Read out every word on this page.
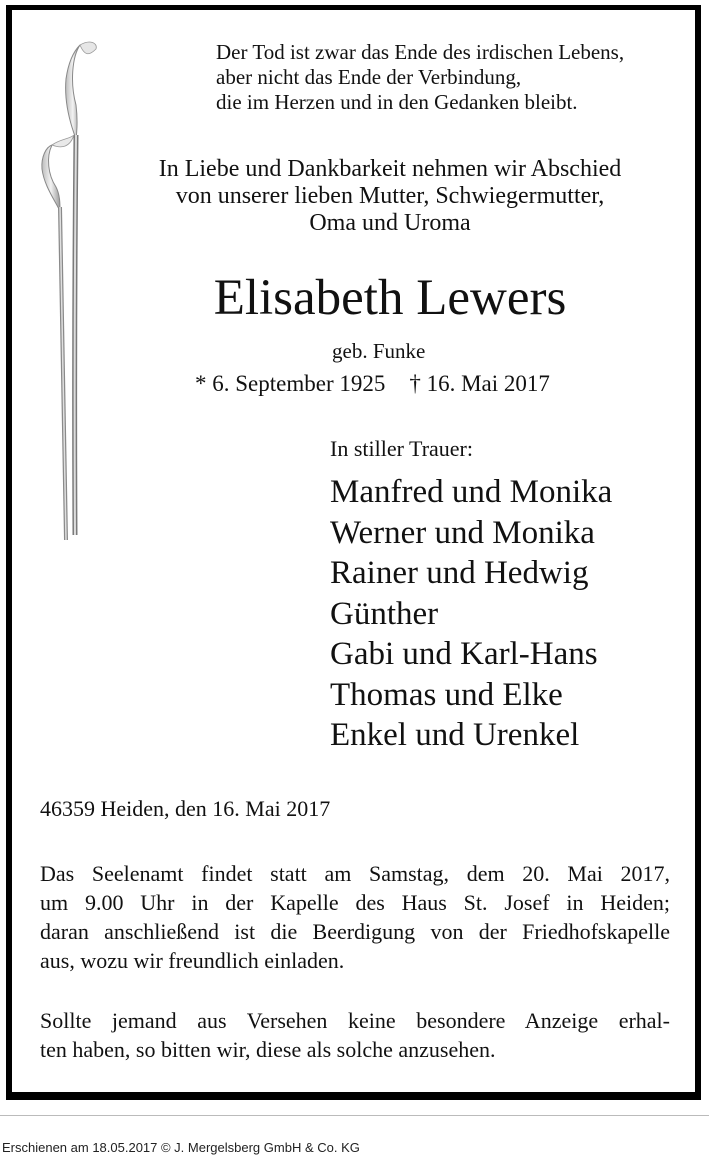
Der Tod ist zwar das Ende des irdischen Lebens,
aber nicht das Ende der Verbindung,
die im Herzen und in den Gedanken bleibt.
In Liebe und Dankbarkeit nehmen wir Abschied
von unserer lieben Mutter, Schwiegermutter,
Oma und Uroma
Elisabeth Lewers
geb. Funke
* 6. September 1925 † 16. Mai 2017
In stiller Trauer:
Manfred und Monika
Werner und Monika
Rainer und Hedwig
Günther
Gabi und Karl-Hans
Thomas und Elke
Enkel und Urenkel
46359 Heiden, den 16. Mai 2017
Das Seelenamt findet statt am Samstag, dem 20. Mai 2017,
um 9.00 Uhr in der Kapelle des Haus St. Josef in Heiden;
daran anschließend ist die Beerdigung von der Friedhofskapelle
aus, wozu wir freundlich einladen.
Sollte jemand aus Versehen keine besondere Anzeige erhal-
ten haben, so bitten wir, diese als solche anzusehen.
Erschienen am 18.05.2017 © J. Mergelsberg GmbH & Co. KG
